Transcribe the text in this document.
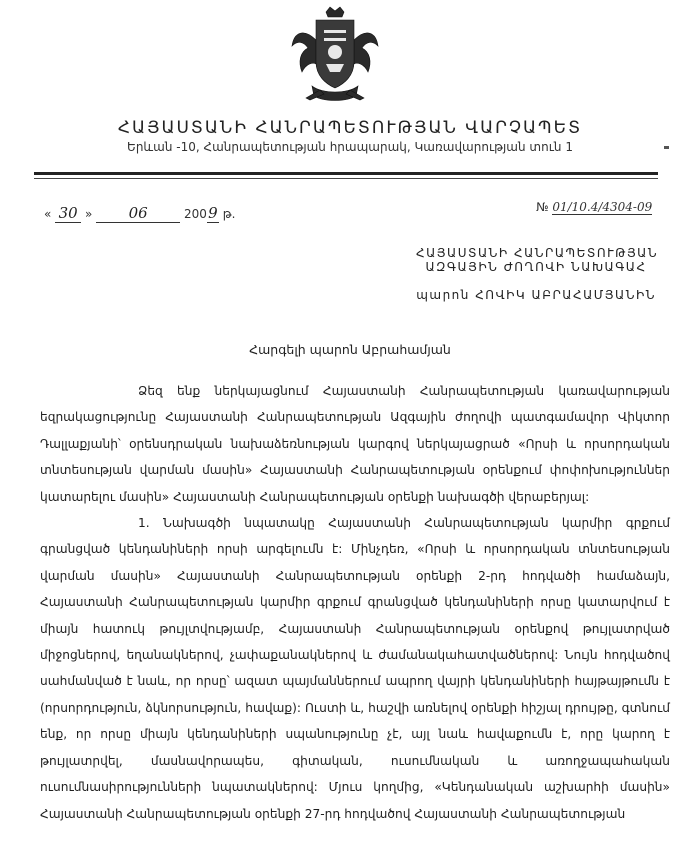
ՀԱՅԱՍՏԱՆԻ ՀԱՆՐԱՊԵՏՈՒԹՅԱՆ ՎԱՐՉԱՊԵՏ
Երևան -10, Հանրապետության հրապարակ, Կառավարության տուն 1
« 30 » 06	2009 թ.	№ 01/10.4/4304-09
ՀԱՅԱՍՏԱՆԻ ՀԱՆՐԱՊԵՏՈՒԹՅԱՆ
ԱԶԳԱՅԻՆ ԺՈՂՈՎԻ ՆԱԽԱԳԱՀ
պարոն ՀՈՎԻԿ ԱԲՐԱՀԱՄՅԱՆԻՆ
Հարգելի պարոն Աբրահամյան

Ձեզ ենք ներկայացնում Հայաստանի Հանրապետության կառավարության եզրակացությունը Հայաստանի Հանրապետության Ազգային ժողովի պատգամավոր Վիկտոր Դալլաքյանի՝ օրենսդրական նախաձեռնության կարգով ներկայացրած «Որսի և որսորդական տնտեսության վարման մասին» Հայաստանի Հանրապետության օրենքում փոփոխություններ կատարելու մասին» Հայաստանի Հանրապետության օրենքի նախագծի վերաբերյալ:

1. Նախագծի նպատակը Հայաստանի Հանրապետության կարմիր գրքում գրանցված կենդանիների որսի արգելումն է: Մինչդեռ, «Որսի և որսորդական տնտեսության վարման մասին» Հայաստանի Հանրապետության օրենքի 2-րդ հոդվածի համաձայն, Հայաստանի Հանրապետության կարմիր գրքում գրանցված կենդանիների որսը կատարվում է միայն հատուկ թույլտվությամբ, Հայաստանի Հանրապետության օրենքով թույլատրված միջոցներով, եղանակներով, չափաքանակներով և ժամանակահատվածներով: Նույն հոդվածով սահմանված է նաև, որ որսը՝ ազատ պայմաններում ապրող վայրի կենդանիների հայթայթումն է (որսորդություն, ձկնորսություն, հավաք): Ուստի և, հաշվի առնելով օրենքի հիշյալ դրույթը, գտնում ենք, որ որսը միայն կենդանիների սպանությունը չէ, այլ նաև հավաքումն է, որը կարող է թույլատրվել, մասնավորապես, գիտական, ուսումնական և առողջապահական ուսումնասիրությունների նպատակներով: Մյուս կողմից, «Կենդանական աշխարհի մասին» Հայաստանի Հանրապետության օրենքի 27-րդ հոդվածով Հայաստանի Հանրապետության
